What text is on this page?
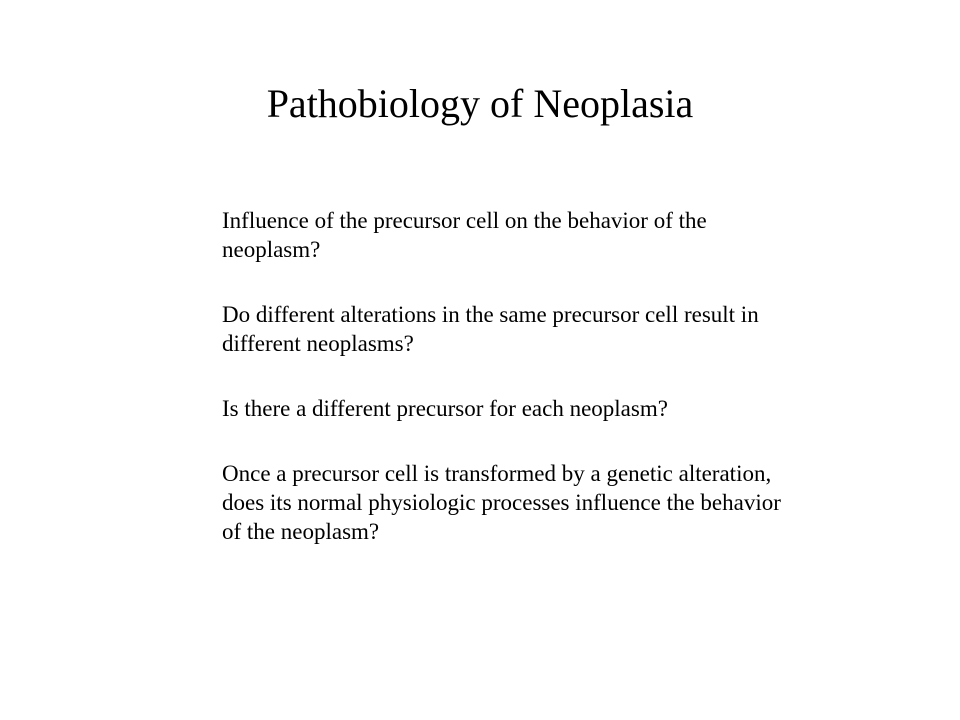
Pathobiology of Neoplasia
Influence of the precursor cell on the behavior of the neoplasm?
Do different alterations in the same precursor cell result in different neoplasms?
Is there a different precursor for each neoplasm?
Once a precursor cell is transformed by a genetic alteration, does its normal physiologic processes influence the behavior of the neoplasm?
